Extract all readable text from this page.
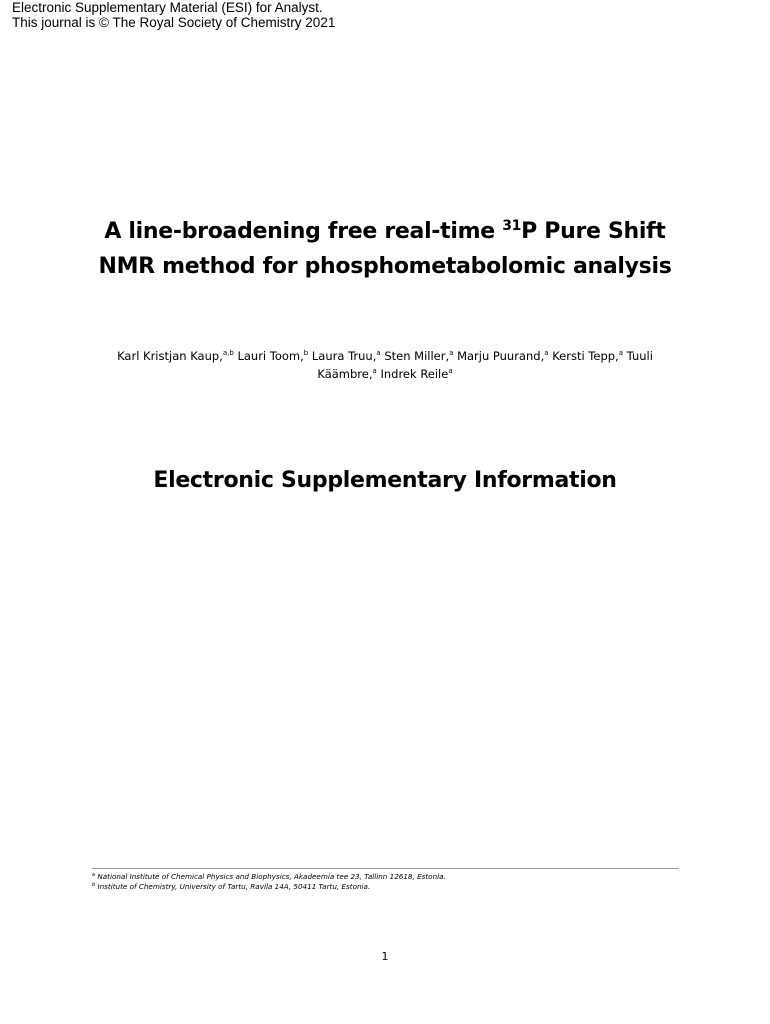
Electronic Supplementary Material (ESI) for Analyst.
This journal is © The Royal Society of Chemistry 2021
A line-broadening free real-time $^{31}$P Pure Shift
NMR method for phosphometabolomic analysis
Karl Kristjan Kaup,$^{a,b}$ Lauri Toom,$^b$ Laura Truu,$^a$ Sten Miller,$^a$ Marju Puurand,$^a$ Kersti Tepp,$^a$ Tuuli Käämbre,$^a$ Indrek Reile$^a$
Electronic Supplementary Information
$^a$ National Institute of Chemical Physics and Biophysics, Akadeemia tee 23, Tallinn 12618, Estonia.
$^b$ Institute of Chemistry, University of Tartu, Ravila 14A, 50411 Tartu, Estonia.
1
